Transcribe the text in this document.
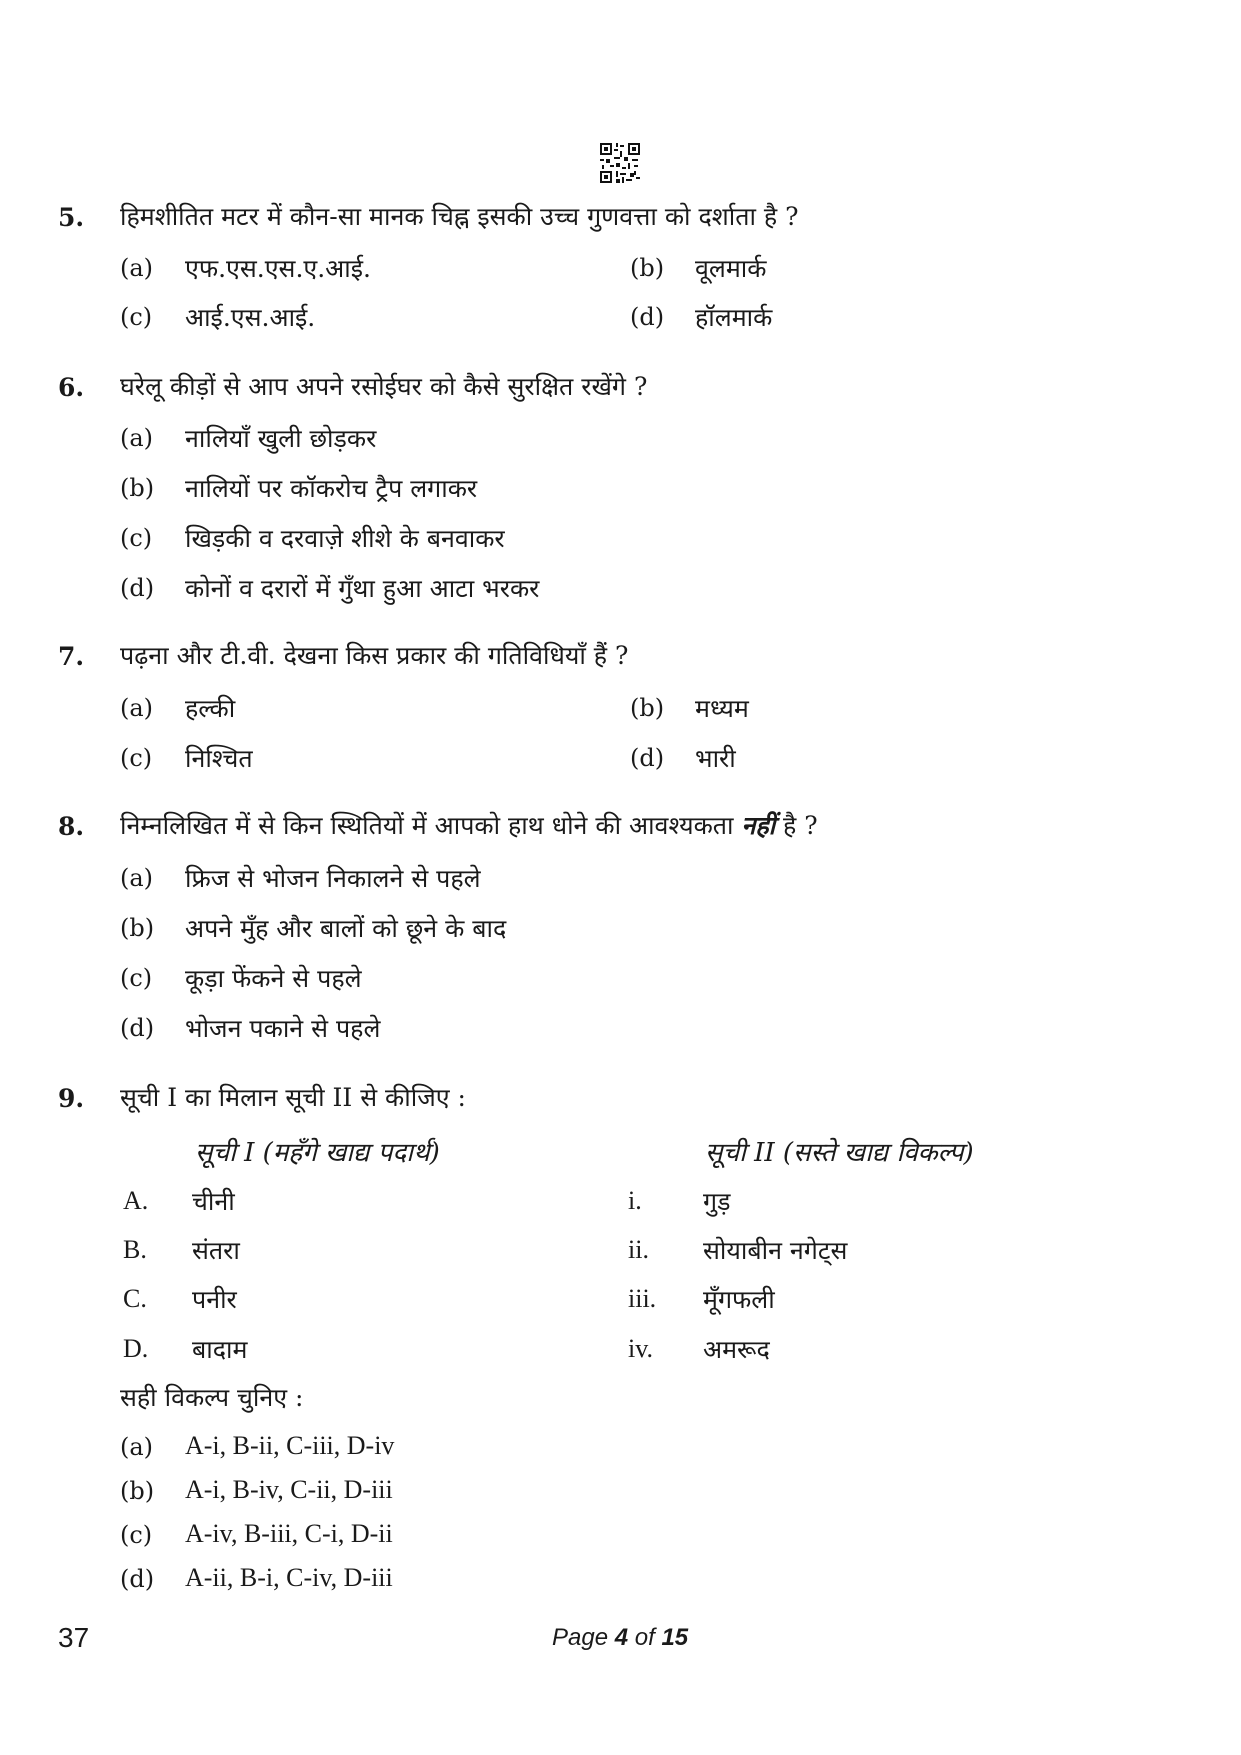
5. हिमशीतित मटर में कौन-सा मानक चिह्न इसकी उच्च गुणवत्ता को दर्शाता है ?
(a) एफ.एस.एस.ए.आई.	(b) वूलमार्क
(c) आई.एस.आई.	(d) हॉलमार्क
6. घरेलू कीड़ों से आप अपने रसोईघर को कैसे सुरक्षित रखेंगे ?
(a) नालियाँ खुली छोड़कर
(b) नालियों पर कॉकरोच ट्रैप लगाकर
(c) खिड़की व दरवाज़े शीशे के बनवाकर
(d) कोनों व दरारों में गुँथा हुआ आटा भरकर
7. पढ़ना और टी.वी. देखना किस प्रकार की गतिविधियाँ हैं ?
(a) हल्की	(b) मध्यम
(c) निश्चित	(d) भारी
8. निम्नलिखित में से किन स्थितियों में आपको हाथ धोने की आवश्यकता नहीं है ?
(a) फ्रिज से भोजन निकालने से पहले
(b) अपने मुँह और बालों को छूने के बाद
(c) कूड़ा फेंकने से पहले
(d) भोजन पकाने से पहले
9. सूची I का मिलान सूची II से कीजिए :
सूची I (महँगे खाद्य पदार्थ)	सूची II (सस्ते खाद्य विकल्प)
A. चीनी	i. गुड़
B. संतरा	ii. सोयाबीन नगेट्स
C. पनीर	iii. मूँगफली
D. बादाम	iv. अमरूद
सही विकल्प चुनिए :
(a) A-i, B-ii, C-iii, D-iv
(b) A-i, B-iv, C-ii, D-iii
(c) A-iv, B-iii, C-i, D-ii
(d) A-ii, B-i, C-iv, D-iii
37	Page 4 of 15
